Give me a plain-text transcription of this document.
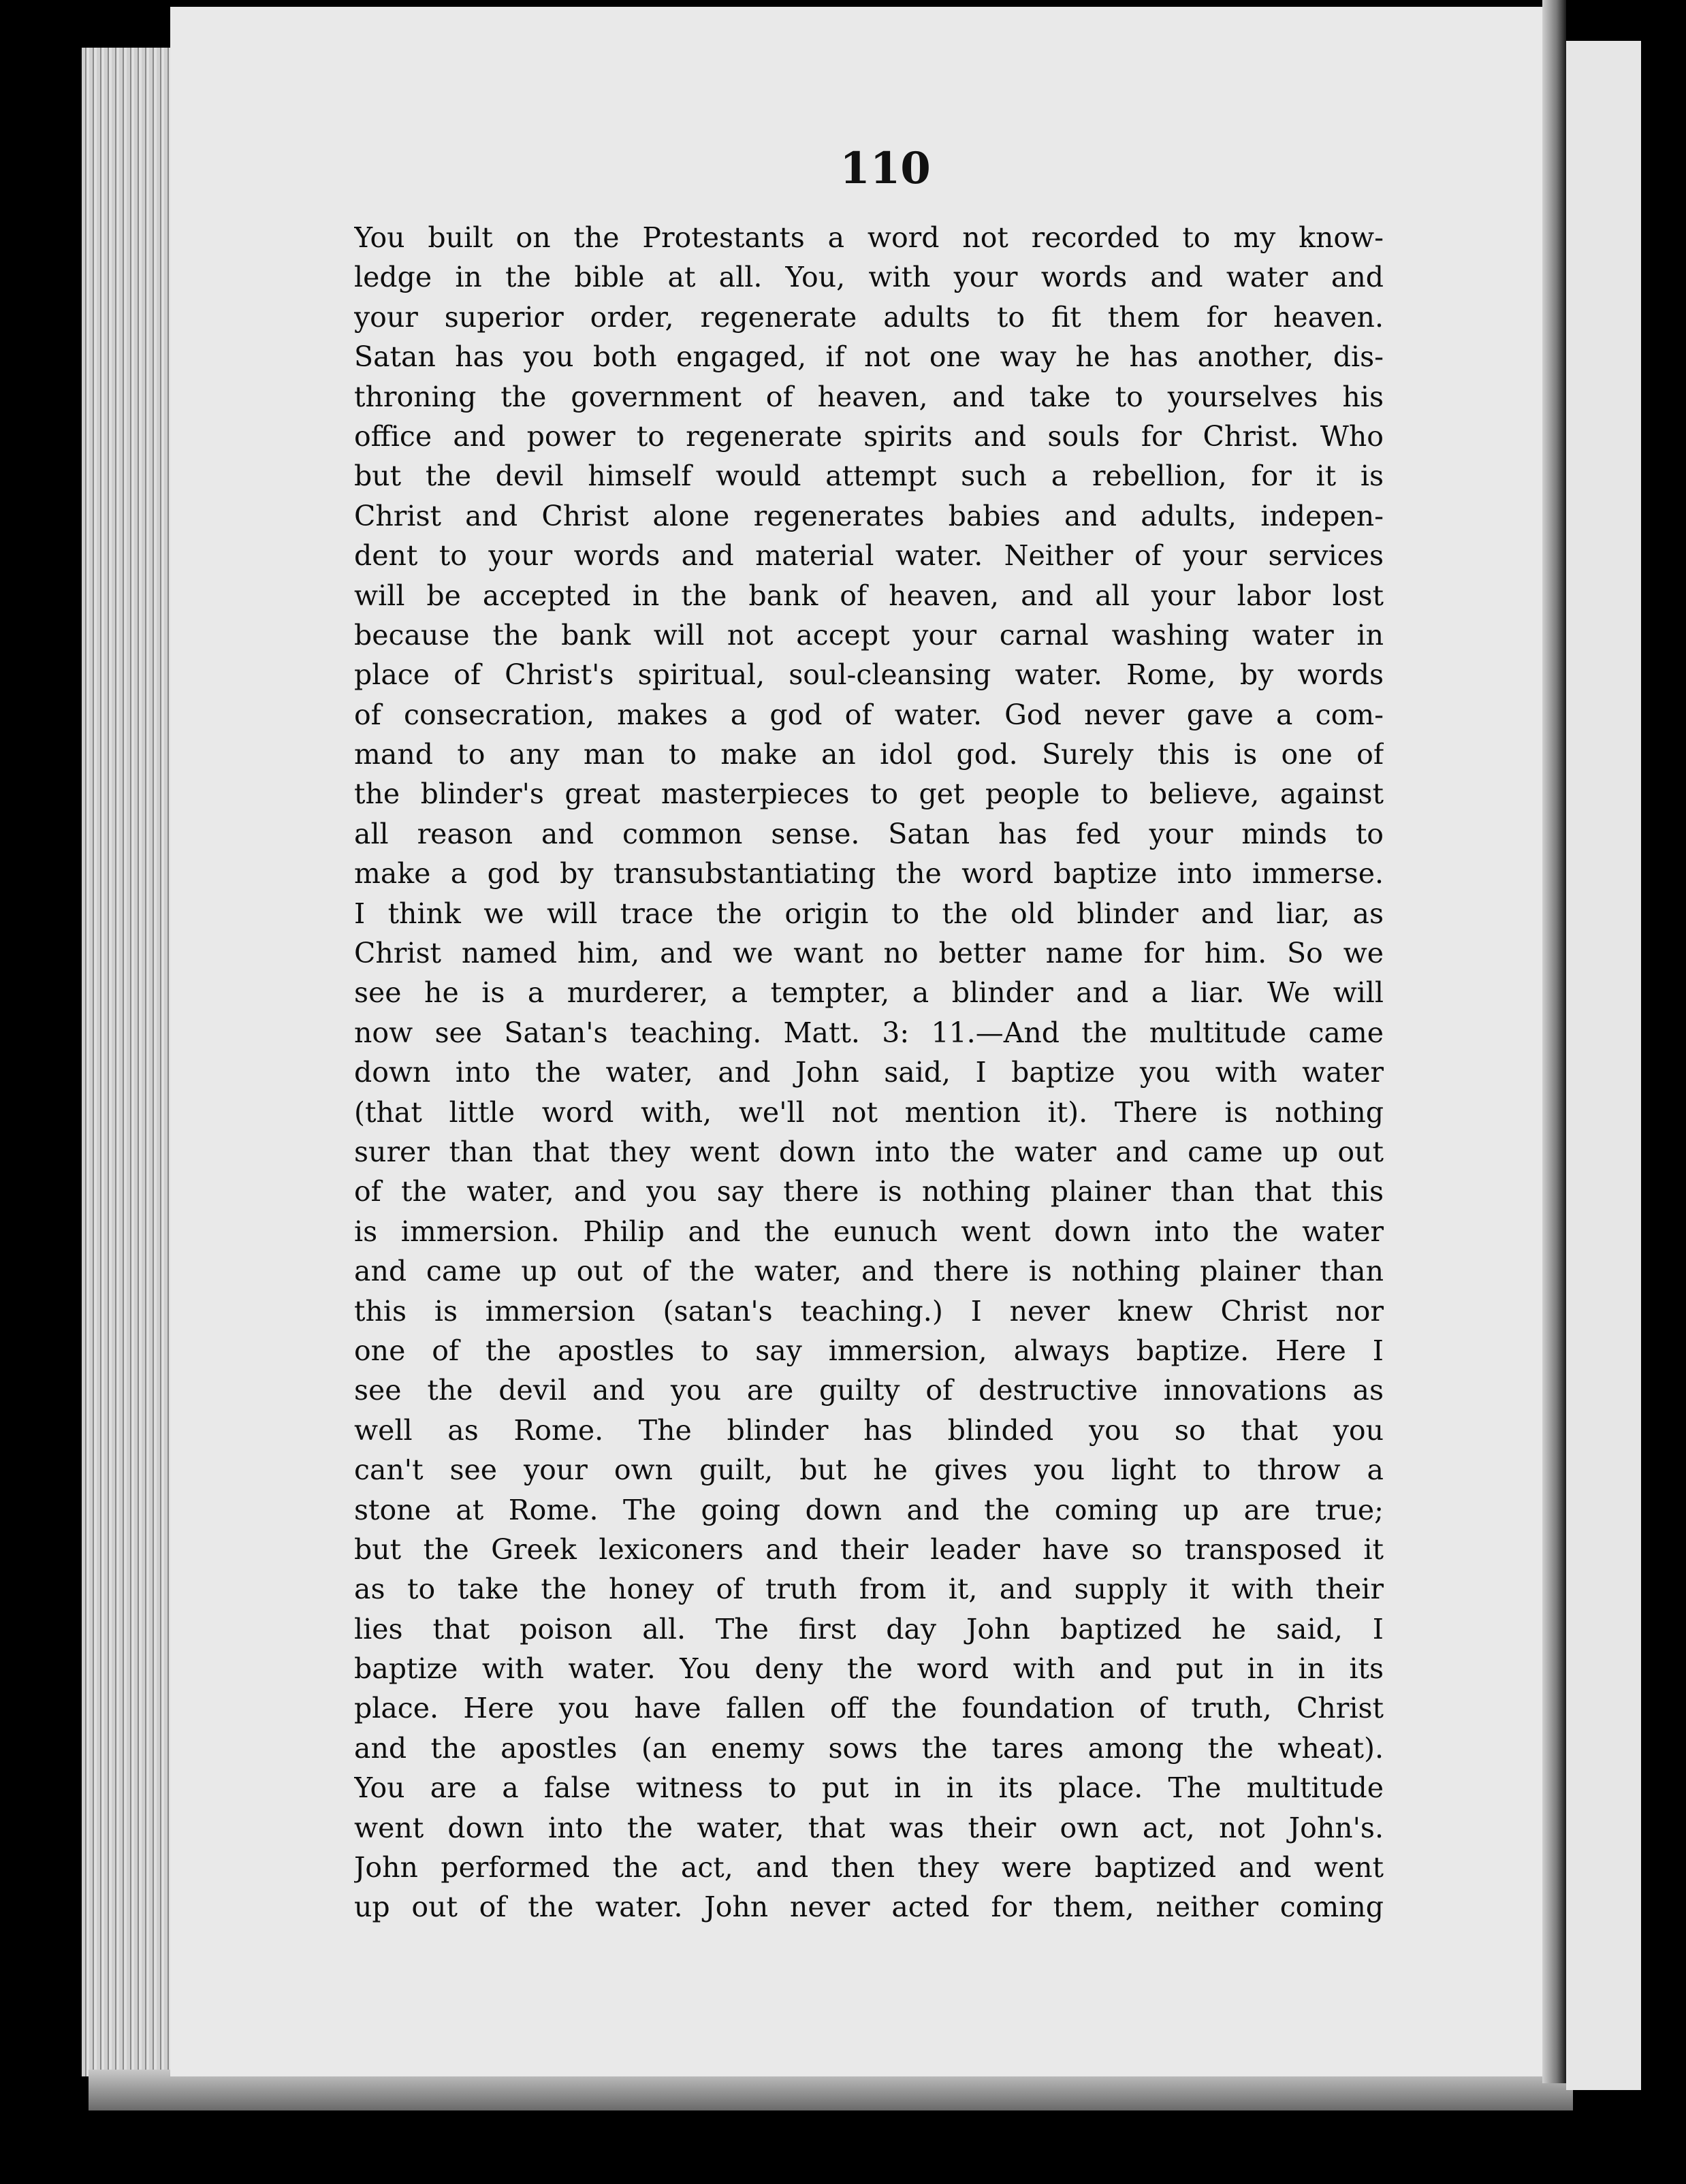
110
You built on the Protestants a word not recorded to my know-
ledge in the bible at all. You, with your words and water and
your superior order, regenerate adults to fit them for heaven.
Satan has you both engaged, if not one way he has another, dis-
throning the government of heaven, and take to yourselves his
office and power to regenerate spirits and souls for Christ. Who
but the devil himself would attempt such a rebellion, for it is
Christ and Christ alone regenerates babies and adults, indepen-
dent to your words and material water. Neither of your services
will be accepted in the bank of heaven, and all your labor lost
because the bank will not accept your carnal washing water in
place of Christ's spiritual, soul-cleansing water. Rome, by words
of consecration, makes a god of water. God never gave a com-
mand to any man to make an idol god. Surely this is one of
the blinder's great masterpieces to get people to believe, against
all reason and common sense. Satan has fed your minds to
make a god by transubstantiating the word baptize into immerse.
I think we will trace the origin to the old blinder and liar, as
Christ named him, and we want no better name for him. So we
see he is a murderer, a tempter, a blinder and a liar. We will
now see Satan's teaching. Matt. 3: 11.—And the multitude came
down into the water, and John said, I baptize you with water
(that little word with, we'll not mention it). There is nothing
surer than that they went down into the water and came up out
of the water, and you say there is nothing plainer than that this
is immersion. Philip and the eunuch went down into the water
and came up out of the water, and there is nothing plainer than
this is immersion (satan's teaching.) I never knew Christ nor
one of the apostles to say immersion, always baptize. Here I
see the devil and you are guilty of destructive innovations as
well as Rome. The blinder has blinded you so that you
can't see your own guilt, but he gives you light to throw a
stone at Rome. The going down and the coming up are true;
but the Greek lexiconers and their leader have so transposed it
as to take the honey of truth from it, and supply it with their
lies that poison all. The first day John baptized he said, I
baptize with water. You deny the word with and put in in its
place. Here you have fallen off the foundation of truth, Christ
and the apostles (an enemy sows the tares among the wheat).
You are a false witness to put in in its place. The multitude
went down into the water, that was their own act, not John's.
John performed the act, and then they were baptized and went
up out of the water. John never acted for them, neither coming
